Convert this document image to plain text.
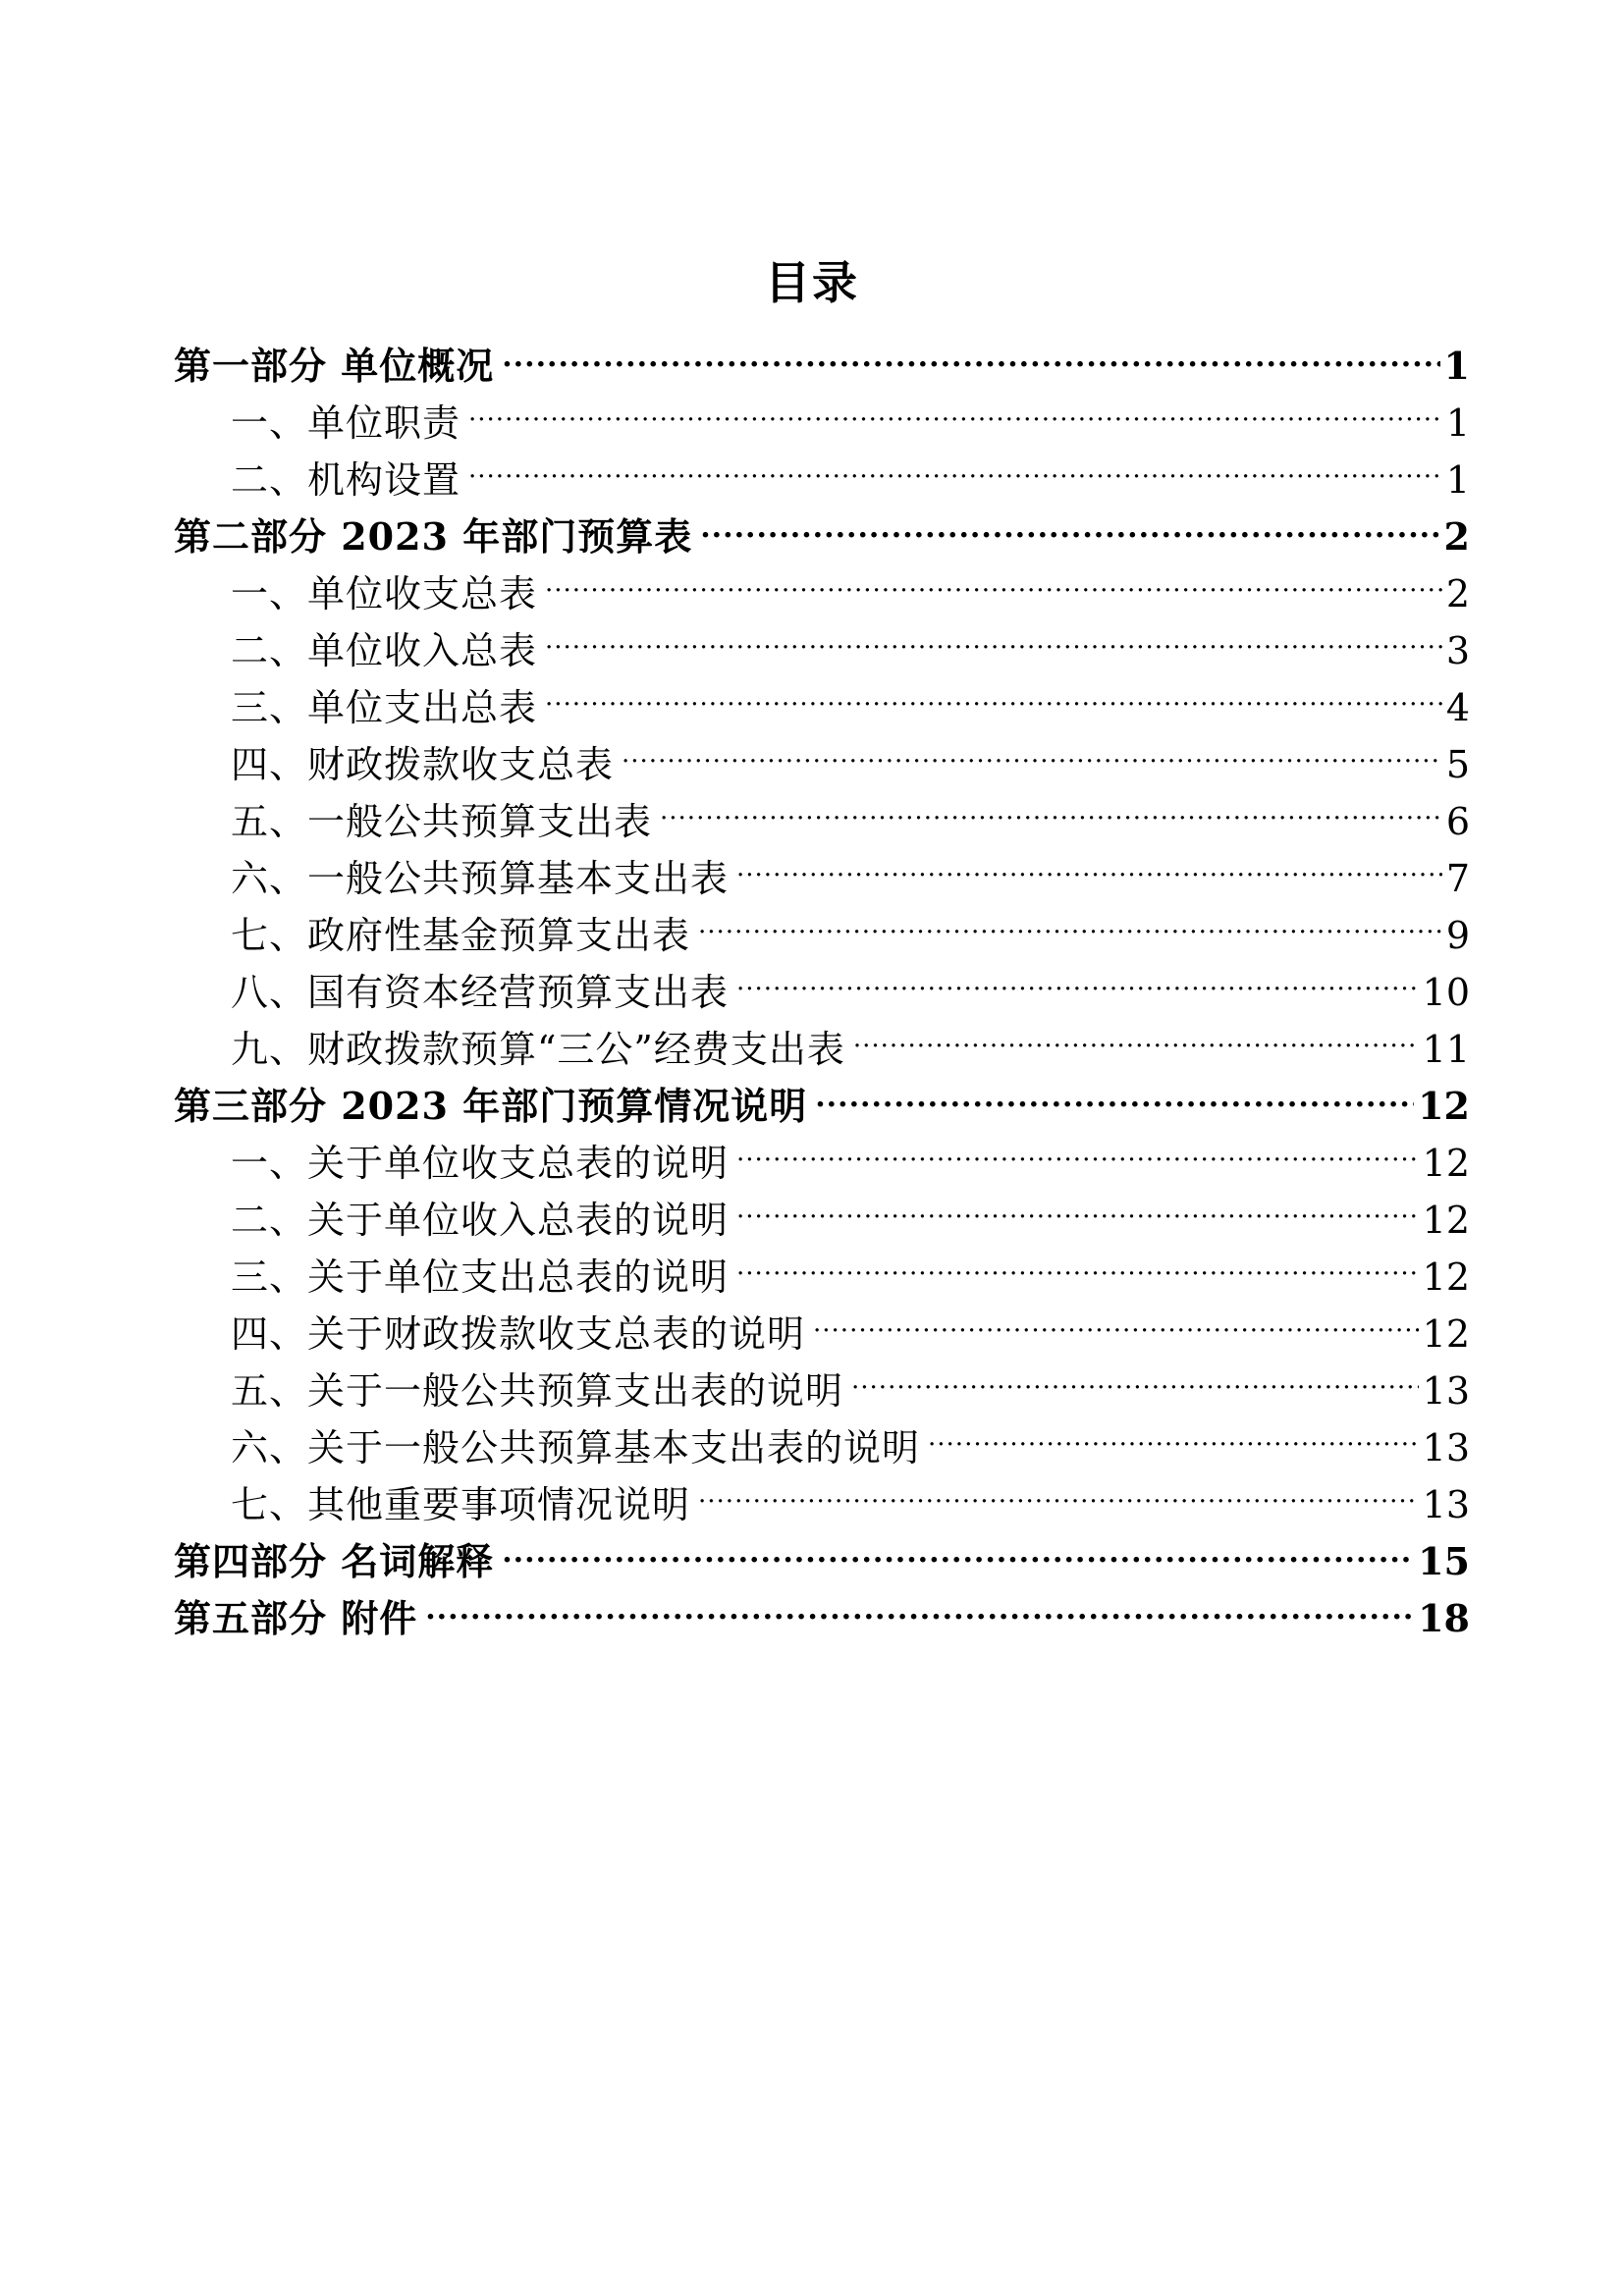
目录
第一部分 单位概况 .....	1
一、单位职责 .....	1
二、机构设置 .....	1
第二部分 2023 年部门预算表 .....	2
一、单位收支总表 .....	2
二、单位收入总表 .....	3
三、单位支出总表 .....	4
四、财政拨款收支总表 .....	5
五、一般公共预算支出表 .....	6
六、一般公共预算基本支出表 .....	7
七、政府性基金预算支出表 .....	9
八、国有资本经营预算支出表 .....	10
九、财政拨款预算“三公”经费支出表 .....	11
第三部分 2023 年部门预算情况说明 .....	12
一、关于单位收支总表的说明 .....	12
二、关于单位收入总表的说明 .....	12
三、关于单位支出总表的说明 .....	12
四、关于财政拨款收支总表的说明 .....	12
五、关于一般公共预算支出表的说明 .....	13
六、关于一般公共预算基本支出表的说明 .....	13
七、其他重要事项情况说明 .....	13
第四部分 名词解释 .....	15
第五部分 附件 .....	18
